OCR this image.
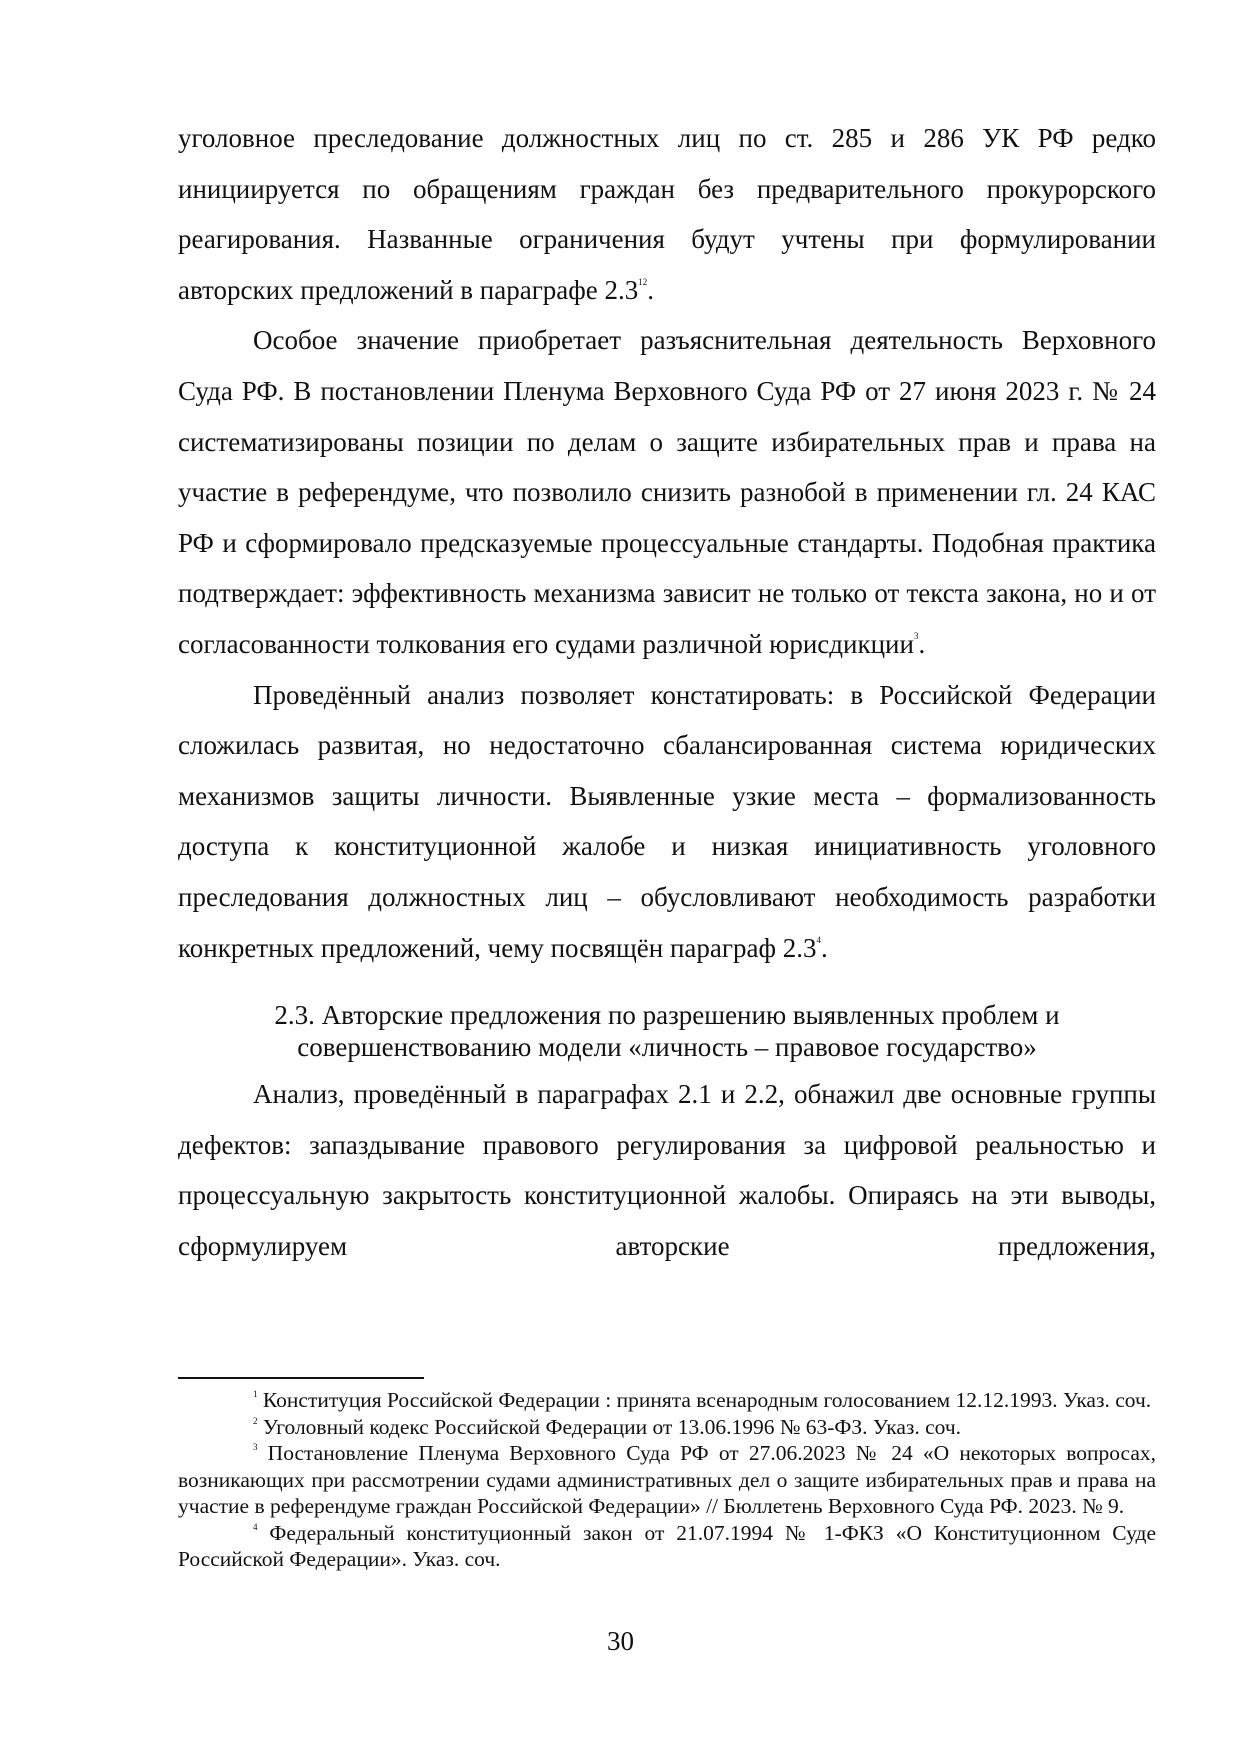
уголовное преследование должностных лиц по ст. 285 и 286 УК РФ редко инициируется по обращениям граждан без предварительного прокурорского реагирования. Названные ограничения будут учтены при формулировании авторских предложений в параграфе $2.3^{12}$.

Особое значение приобретает разъяснительная деятельность Верховного Суда РФ. В постановлении Пленума Верховного Суда РФ от 27 июня 2023 г. № 24 систематизированы позиции по делам о защите избирательных прав и права на участие в референдуме, что позволило снизить разнобой в применении гл. 24 КАС РФ и сформировало предсказуемые процессуальные стандарты. Подобная практика подтверждает: эффективность механизма зависит не только от текста закона, но и от согласованности толкования его судами различной юрисдикции$^3$.

Проведённый анализ позволяет констатировать: в Российской Федерации сложилась развитая, но недостаточно сбалансированная система юридических механизмов защиты личности. Выявленные узкие места – формализованность доступа к конституционной жалобе и низкая инициативность уголовного преследования должностных лиц – обусловливают необходимость разработки конкретных предложений, чему посвящён параграф $2.3^4$.

2.3. Авторские предложения по разрешению выявленных проблем и
совершенствованию модели «личность – правовое государство»

Анализ, проведённый в параграфах 2.1 и 2.2, обнажил две основные группы дефектов: запаздывание правового регулирования за цифровой реальностью и процессуальную закрытость конституционной жалобы. Опираясь на эти выводы, сформулируем авторские предложения,

$^1$ Конституция Российской Федерации : принята всенародным голосованием 12.12.1993. Указ. соч.

$^2$ Уголовный кодекс Российской Федерации от 13.06.1996 № 63-ФЗ. Указ. соч.

$^3$ Постановление Пленума Верховного Суда РФ от 27.06.2023 № 24 «О некоторых вопросах, возникающих при рассмотрении судами административных дел о защите избирательных прав и права на участие в референдуме граждан Российской Федерации» // Бюллетень Верховного Суда РФ. 2023. № 9.

$^4$ Федеральный конституционный закон от 21.07.1994 № 1-ФКЗ «О Конституционном Суде Российской Федерации». Указ. соч.

30
